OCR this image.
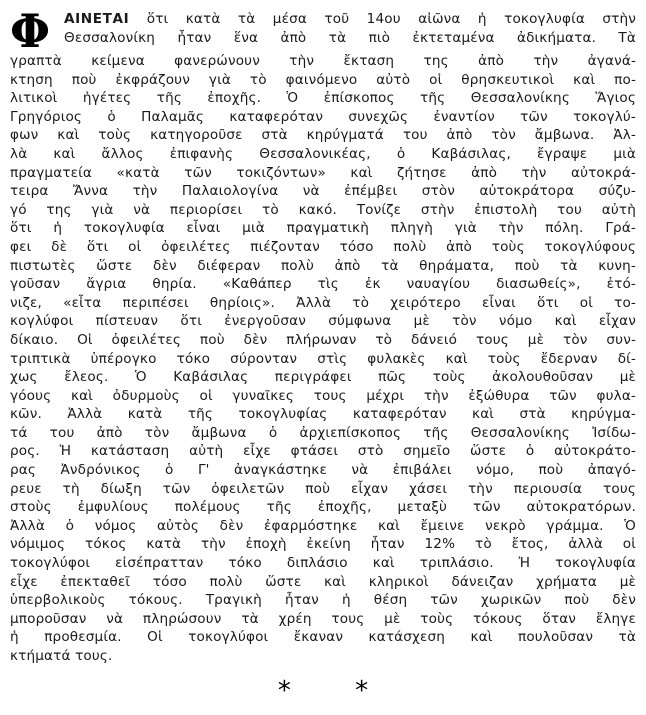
Φ ΑΙΝΕΤΑΙ ὅτι κατὰ τὰ μέσα τοῦ 14ου αἰῶνα ἡ τοκογλυφία στὴν
Θεσσαλονίκη ἦταν ἕνα ἀπὸ τὰ πιὸ ἐκτεταμένα ἀδικήματα. Τὰ
γραπτὰ κείμενα φανερώνουν τὴν ἔκταση της ἀπὸ τὴν ἀγανά-
κτηση ποὺ ἐκφράζουν γιὰ τὸ φαινόμενο αὐτὸ οἱ θρησκευτικοὶ καὶ πο-
λιτικοὶ ἡγέτες τῆς ἐποχῆς. Ὁ ἐπίσκοπος τῆς Θεσσαλονίκης Ἅγιος
Γρηγόριος ὁ Παλαμᾶς καταφερόταν συνεχῶς ἐναντίον τῶν τοκογλύ-
φων καὶ τοὺς κατηγοροῦσε στὰ κηρύγματά του ἀπὸ τὸν ἄμβωνα. Ἀλ-
λὰ καὶ ἄλλος ἐπιφανὴς Θεσσαλονικέας, ὁ Καβάσιλας, ἔγραψε μιὰ
πραγματεία «κατὰ τῶν τοκιζόντων» καὶ ζήτησε ἀπὸ τὴν αὐτοκρά-
τειρα Ἄννα τὴν Παλαιολογίνα νὰ ἐπέμβει στὸν αὐτοκράτορα σύζυ-
γό της γιὰ νὰ περιορίσει τὸ κακό. Τονίζε στὴν ἐπιστολὴ του αὐτὴ
ὅτι ἡ τοκογλυφία εἶναι μιὰ πραγματικὴ πληγὴ γιὰ τὴν πόλη. Γρά-
φει δὲ ὅτι οἱ ὀφειλέτες πιέζονταν τόσο πολὺ ἀπὸ τοὺς τοκογλύφους
πιστωτὲς ὥστε δὲν διέφεραν πολὺ ἀπὸ τὰ θηράματα, ποὺ τὰ κυνη-
γοῦσαν ἄγρια θηρία. «Καθάπερ τὶς ἐκ ναυαγίου διασωθείς», ἐτό-
νιζε, «εἶτα περιπέσει θηρίοις». Ἀλλὰ τὸ χειρότερο εἶναι ὅτι οἱ το-
κογλύφοι πίστευαν ὅτι ἐνεργοῦσαν σύμφωνα μὲ τὸν νόμο καὶ εἶχαν
δίκαιο. Οἱ ὀφειλέτες ποὺ δὲν πλήρωναν τὸ δάνειό τους μὲ τὸν συν-
τριπτικὰ ὑπέρογκο τόκο σύρονταν στὶς φυλακὲς καὶ τοὺς ἔδερναν δί-
χως ἔλεος. Ὁ Καβάσιλας περιγράφει πῶς τοὺς ἀκολουθοῦσαν μὲ
γόους καὶ ὀδυρμοὺς οἱ γυναῖκες τους μέχρι τὴν ἐξώθυρα τῶν φυλα-
κῶν. Ἀλλὰ κατὰ τῆς τοκογλυφίας καταφερόταν καὶ στὰ κηρύγμα-
τά του ἀπὸ τὸν ἄμβωνα ὁ ἀρχιεπίσκοπος τῆς Θεσσαλονίκης Ἰσίδω-
ρος. Ἡ κατάσταση αὐτὴ εἶχε φτάσει στὸ σημεῖο ὥστε ὁ αὐτοκράτο-
ρας Ἀνδρόνικος ὁ Γ' ἀναγκάστηκε νὰ ἐπιβάλει νόμο, ποὺ ἀπαγό-
ρευε τὴ δίωξη τῶν ὀφειλετῶν ποὺ εἶχαν χάσει τὴν περιουσία τους
στοὺς ἐμφυλίους πολέμους τῆς ἐποχῆς, μεταξὺ τῶν αὐτοκρατόρων.
Ἀλλὰ ὁ νόμος αὐτὸς δὲν ἐφαρμόστηκε καὶ ἔμεινε νεκρὸ γράμμα. Ὁ
νόμιμος τόκος κατὰ τὴν ἐποχὴ ἐκείνη ἦταν 12% τὸ ἔτος, ἀλλὰ οἱ
τοκογλύφοι εἰσέπρατταν τόκο διπλάσιο καὶ τριπλάσιο. Ἡ τοκογλυφία
εἶχε ἐπεκταθεῖ τόσο πολὺ ὥστε καὶ κληρικοὶ δάνειζαν χρήματα μὲ
ὑπερβολικοὺς τόκους. Τραγικὴ ἦταν ἡ θέση τῶν χωρικῶν ποὺ δὲν
μποροῦσαν νὰ πληρώσουν τὰ χρέη τους μὲ τοὺς τόκους ὅταν ἔληγε
ἡ προθεσμία. Οἱ τοκογλύφοι ἔκαναν κατάσχεση καὶ πουλοῦσαν τὰ
κτήματά τους.
* *
